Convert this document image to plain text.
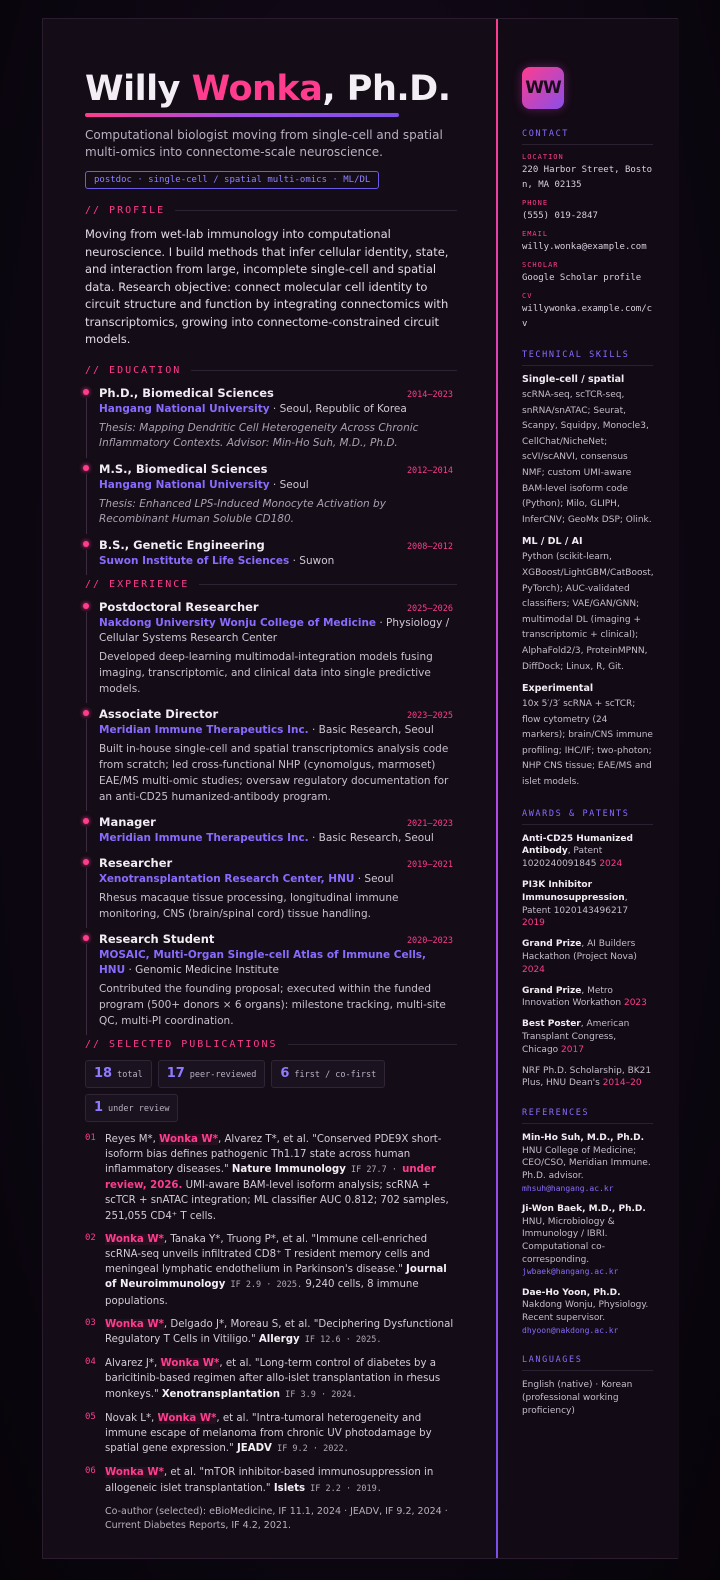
Willy Wonka, Ph.D.
Computational biologist moving from single-cell and spatial multi-omics into connectome-scale neuroscience.
postdoc · single-cell / spatial multi-omics · ML/DL
// PROFILE
Moving from wet-lab immunology into computational neuroscience. I build methods that infer cellular identity, state, and interaction from large, incomplete single-cell and spatial data. Research objective: connect molecular cell identity to circuit structure and function by integrating connectomics with transcriptomics, growing into connectome-constrained circuit models.
// EDUCATION
Ph.D., Biomedical Sciences	2014–2023
Hangang National University · Seoul, Republic of Korea
Thesis: Mapping Dendritic Cell Heterogeneity Across Chronic Inflammatory Contexts. Advisor: Min-Ho Suh, M.D., Ph.D.
M.S., Biomedical Sciences	2012–2014
Hangang National University · Seoul
Thesis: Enhanced LPS-Induced Monocyte Activation by Recombinant Human Soluble CD180.
B.S., Genetic Engineering	2008–2012
Suwon Institute of Life Sciences · Suwon
// EXPERIENCE
Postdoctoral Researcher	2025–2026
Nakdong University Wonju College of Medicine · Physiology / Cellular Systems Research Center
Developed deep-learning multimodal-integration models fusing imaging, transcriptomic, and clinical data into single predictive models.
Associate Director	2023–2025
Meridian Immune Therapeutics Inc. · Basic Research, Seoul
Built in-house single-cell and spatial transcriptomics analysis code from scratch; led cross-functional NHP (cynomolgus, marmoset) EAE/MS multi-omic studies; oversaw regulatory documentation for an anti-CD25 humanized-antibody program.
Manager	2021–2023
Meridian Immune Therapeutics Inc. · Basic Research, Seoul
Researcher	2019–2021
Xenotransplantation Research Center, HNU · Seoul
Rhesus macaque tissue processing, longitudinal immune monitoring, CNS (brain/spinal cord) tissue handling.
Research Student	2020–2023
MOSAIC, Multi-Organ Single-cell Atlas of Immune Cells, HNU · Genomic Medicine Institute
Contributed the founding proposal; executed within the funded program (500+ donors × 6 organs): milestone tracking, multi-site QC, multi-PI coordination.
// SELECTED PUBLICATIONS
18 total 17 peer-reviewed 6 first / co-first
1 under review
01 Reyes M*, Wonka W*, Alvarez T*, et al. "Conserved PDE9X short-isoform bias defines pathogenic Th1.17 state across human inflammatory diseases." Nature Immunology IF 27.7 · under review, 2026. UMI-aware BAM-level isoform analysis; scRNA + scTCR + snATAC integration; ML classifier AUC 0.812; 702 samples, 251,055 CD4⁺ T cells.
02 Wonka W*, Tanaka Y*, Truong P*, et al. "Immune cell-enriched scRNA-seq unveils infiltrated CD8⁺ T resident memory cells and meningeal lymphatic endothelium in Parkinson's disease." Journal of Neuroimmunology IF 2.9 · 2025. 9,240 cells, 8 immune populations.
03 Wonka W*, Delgado J*, Moreau S, et al. "Deciphering Dysfunctional Regulatory T Cells in Vitiligo." Allergy IF 12.6 · 2025.
04 Alvarez J*, Wonka W*, et al. "Long-term control of diabetes by a baricitinib-based regimen after allo-islet transplantation in rhesus monkeys." Xenotransplantation IF 3.9 · 2024.
05 Novak L*, Wonka W*, et al. "Intra-tumoral heterogeneity and immune escape of melanoma from chronic UV photodamage by spatial gene expression." JEADV IF 9.2 · 2022.
06 Wonka W*, et al. "mTOR inhibitor-based immunosuppression in allogeneic islet transplantation." Islets IF 2.2 · 2019.
Co-author (selected): eBioMedicine, IF 11.1, 2024 · JEADV, IF 9.2, 2024 · Current Diabetes Reports, IF 4.2, 2021.
WW
CONTACT
LOCATION
220 Harbor Street, Boston, MA 02135
PHONE
(555) 019-2847
EMAIL
willy.wonka@example.com
SCHOLAR
Google Scholar profile
CV
willywonka.example.com/cv
TECHNICAL SKILLS
Single-cell / spatial
scRNA-seq, scTCR-seq, snRNA/snATAC; Seurat, Scanpy, Squidpy, Monocle3, CellChat/NicheNet; scVI/scANVI, consensus NMF; custom UMI-aware BAM-level isoform code (Python); Milo, GLIPH, InferCNV; GeoMx DSP; Olink.
ML / DL / AI
Python (scikit-learn, XGBoost/LightGBM/CatBoost, PyTorch); AUC-validated classifiers; VAE/GAN/GNN; multimodal DL (imaging + transcriptomic + clinical); AlphaFold2/3, ProteinMPNN, DiffDock; Linux, R, Git.
Experimental
10x 5′/3′ scRNA + scTCR; flow cytometry (24 markers); brain/CNS immune profiling; IHC/IF; two-photon; NHP CNS tissue; EAE/MS and islet models.
AWARDS & PATENTS
Anti-CD25 Humanized Antibody, Patent 1020240091845 2024
PI3K Inhibitor Immunosuppression, Patent 1020143496217 2019
Grand Prize, AI Builders Hackathon (Project Nova) 2024
Grand Prize, Metro Innovation Workathon 2023
Best Poster, American Transplant Congress, Chicago 2017
NRF Ph.D. Scholarship, BK21 Plus, HNU Dean's 2014–20
REFERENCES
Min-Ho Suh, M.D., Ph.D.
HNU College of Medicine; CEO/CSO, Meridian Immune. Ph.D. advisor.
mhsuh@hangang.ac.kr
Ji-Won Baek, M.D., Ph.D.
HNU, Microbiology & Immunology / IBRI. Computational co-corresponding.
jwbaek@hangang.ac.kr
Dae-Ho Yoon, Ph.D.
Nakdong Wonju, Physiology. Recent supervisor.
dhyoon@nakdong.ac.kr
LANGUAGES
English (native) · Korean (professional working proficiency)
